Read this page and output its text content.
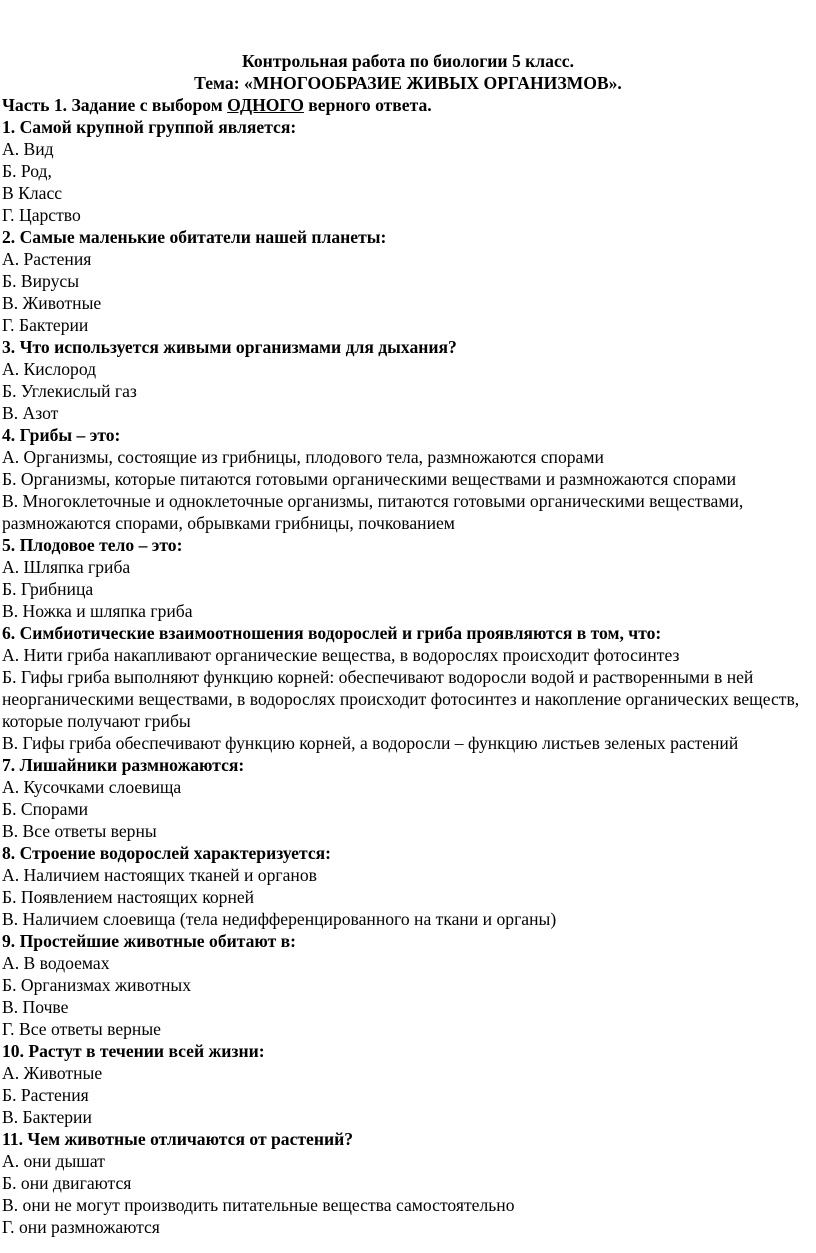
Контрольная работа по биологии 5 класс.
Тема: «МНОГООБРАЗИЕ ЖИВЫХ ОРГАНИЗМОВ».
Часть 1. Задание с выбором ОДНОГО верного ответа.
1. Самой крупной группой является:
А. Вид
Б. Род,
В Класс
Г. Царство
2. Самые маленькие обитатели нашей планеты:
А. Растения
Б. Вирусы
В. Животные
Г. Бактерии
3. Что используется живыми организмами для дыхания?
А. Кислород
Б. Углекислый газ
В. Азот
4. Грибы – это:
А. Организмы, состоящие из грибницы, плодового тела, размножаются спорами
Б. Организмы, которые питаются готовыми органическими веществами и размножаются спорами
В. Многоклеточные и одноклеточные организмы, питаются готовыми органическими веществами, размножаются спорами, обрывками грибницы, почкованием
5. Плодовое тело – это:
А. Шляпка гриба
Б. Грибница
В. Ножка и шляпка гриба
6. Симбиотические взаимоотношения водорослей и гриба проявляются в том, что:
А. Нити гриба накапливают органические вещества, в водорослях происходит фотосинтез
Б. Гифы гриба выполняют функцию корней: обеспечивают водоросли водой и растворенными в ней неорганическими веществами, в водорослях происходит фотосинтез и накопление органических веществ, которые получают грибы
В. Гифы гриба обеспечивают функцию корней, а водоросли – функцию листьев зеленых растений
7. Лишайники размножаются:
А. Кусочками слоевища
Б. Спорами
В. Все ответы верны
8. Строение водорослей характеризуется:
А. Наличием настоящих тканей и органов
Б. Появлением настоящих корней
В. Наличием слоевища (тела недифференцированного на ткани и органы)
9. Простейшие животные обитают в:
А. В водоемах
Б. Организмах животных
В. Почве
Г. Все ответы верные
10. Растут в течении всей жизни:
А. Животные
Б. Растения
В. Бактерии
11. Чем животные отличаются от растений?
А. они дышат
Б. они двигаются
В. они не могут производить питательные вещества самостоятельно
Г. они размножаются
